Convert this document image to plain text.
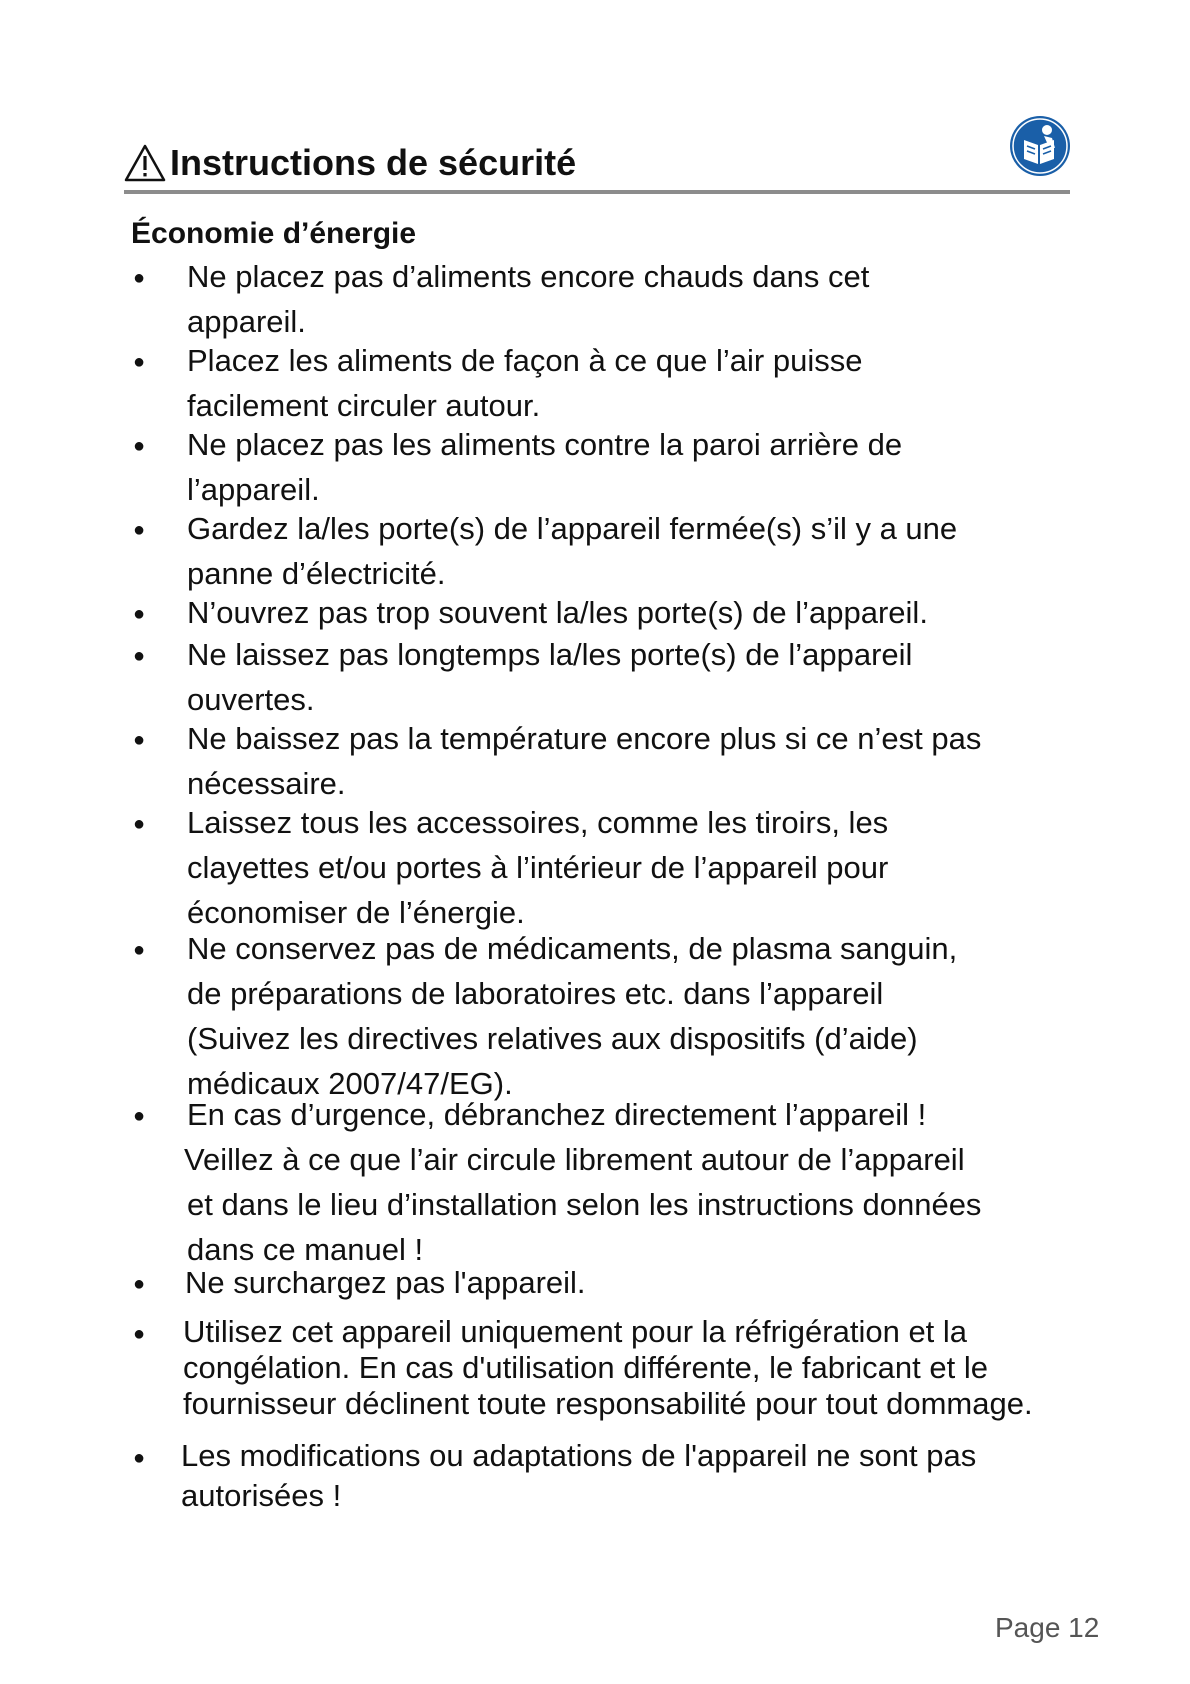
Instructions de sécurité
Économie d’énergie
● Ne placez pas d’aliments encore chauds dans cet
appareil.
● Placez les aliments de façon à ce que l’air puisse
facilement circuler autour.
● Ne placez pas les aliments contre la paroi arrière de
l’appareil.
● Gardez la/les porte(s) de l’appareil fermée(s) s’il y a une
panne d’électricité.
● N’ouvrez pas trop souvent la/les porte(s) de l’appareil.
● Ne laissez pas longtemps la/les porte(s) de l’appareil
ouvertes.
● Ne baissez pas la température encore plus si ce n’est pas
nécessaire.
● Laissez tous les accessoires, comme les tiroirs, les
clayettes et/ou portes à l’intérieur de l’appareil pour
économiser de l’énergie.
● Ne conservez pas de médicaments, de plasma sanguin,
de préparations de laboratoires etc. dans l’appareil
(Suivez les directives relatives aux dispositifs (d’aide)
médicaux 2007/47/EG).
● En cas d’urgence, débranchez directement l’appareil !
Veillez à ce que l’air circule librement autour de l’appareil
et dans le lieu d’installation selon les instructions données
dans ce manuel !
● Ne surchargez pas l'appareil.
● Utilisez cet appareil uniquement pour la réfrigération et la
congélation. En cas d'utilisation différente, le fabricant et le
fournisseur déclinent toute responsabilité pour tout dommage.
● Les modifications ou adaptations de l'appareil ne sont pas
autorisées !
Page 12
